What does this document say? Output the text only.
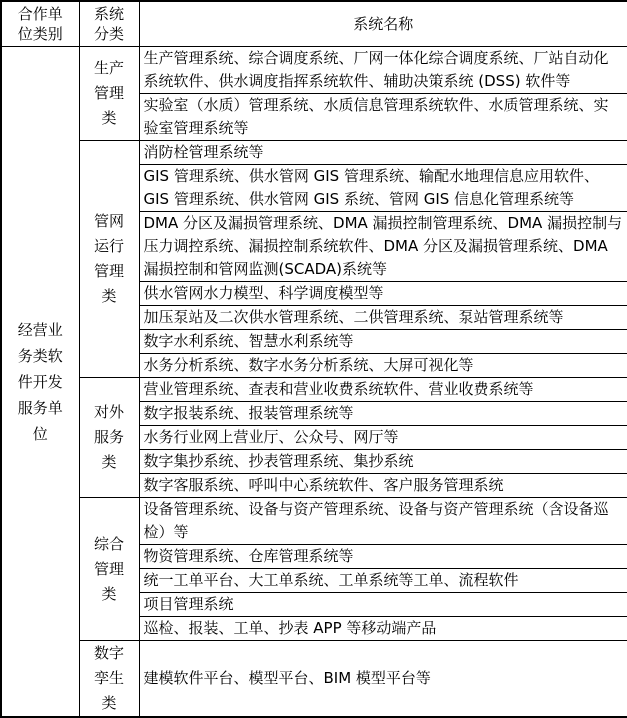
合作单位类别	系统分类	系统名称
经营业务类软件开发服务单位	生产管理类	生产管理系统、综合调度系统、厂网一体化综合调度系统、厂站自动化系统软件、供水调度指挥系统软件、辅助决策系统 (DSS) 软件等
		实验室（水质）管理系统、水质信息管理系统软件、水质管理系统、实验室管理系统等
	管网运行管理类	消防栓管理系统等
		GIS 管理系统、供水管网 GIS 管理系统、输配水地理信息应用软件、GIS 管理系统、供水管网 GIS 系统、管网 GIS 信息化管理系统等
		DMA 分区及漏损管理系统、DMA 漏损控制管理系统、DMA 漏损控制与压力调控系统、漏损控制系统软件、DMA 分区及漏损管理系统、DMA 漏损控制和管网监测(SCADA)系统等
		供水管网水力模型、科学调度模型等
		加压泵站及二次供水管理系统、二供管理系统、泵站管理系统等
		数字水利系统、智慧水利系统等
		水务分析系统、数字水务分析系统、大屏可视化等
	对外服务类	营业管理系统、查表和营业收费系统软件、营业收费系统等
		数字报装系统、报装管理系统等
		水务行业网上营业厅、公众号、网厅等
		数字集抄系统、抄表管理系统、集抄系统
		数字客服系统、呼叫中心系统软件、客户服务管理系统
	综合管理类	设备管理系统、设备与资产管理系统、设备与资产管理系统（含设备巡检）等
		物资管理系统、仓库管理系统等
		统一工单平台、大工单系统、工单系统等工单、流程软件
		项目管理系统
		巡检、报装、工单、抄表 APP 等移动端产品
	数字孪生类	建模软件平台、模型平台、BIM 模型平台等
